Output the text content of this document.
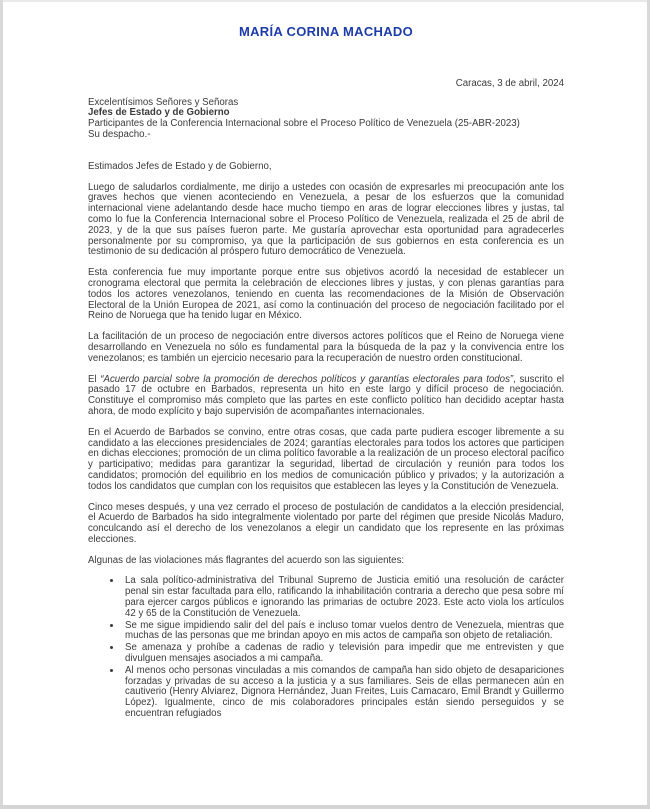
MARÍA CORINA MACHADO
Caracas, 3 de abril, 2024
Excelentísimos Señores y Señoras
Jefes de Estado y de Gobierno
Participantes de la Conferencia Internacional sobre el Proceso Político de Venezuela (25-ABR-2023)
Su despacho.-
Estimados Jefes de Estado y de Gobierno,

Luego de saludarlos cordialmente, me dirijo a ustedes con ocasión de expresarles mi preocupación ante los graves hechos que vienen aconteciendo en Venezuela, a pesar de los esfuerzos que la comunidad internacional viene adelantando desde hace mucho tiempo en aras de lograr elecciones libres y justas, tal como lo fue la Conferencia Internacional sobre el Proceso Político de Venezuela, realizada el 25 de abril de 2023, y de la que sus países fueron parte. Me gustaría aprovechar esta oportunidad para agradecerles personalmente por su compromiso, ya que la participación de sus gobiernos en esta conferencia es un testimonio de su dedicación al próspero futuro democrático de Venezuela.

Esta conferencia fue muy importante porque entre sus objetivos acordó la necesidad de establecer un cronograma electoral que permita la celebración de elecciones libres y justas, y con plenas garantías para todos los actores venezolanos, teniendo en cuenta las recomendaciones de la Misión de Observación Electoral de la Unión Europea de 2021, así como la continuación del proceso de negociación facilitado por el Reino de Noruega que ha tenido lugar en México.

La facilitación de un proceso de negociación entre diversos actores políticos que el Reino de Noruega viene desarrollando en Venezuela no sólo es fundamental para la búsqueda de la paz y la convivencia entre los venezolanos; es también un ejercicio necesario para la recuperación de nuestro orden constitucional.

El “Acuerdo parcial sobre la promoción de derechos políticos y garantías electorales para todos”, suscrito el pasado 17 de octubre en Barbados, representa un hito en este largo y difícil proceso de negociación. Constituye el compromiso más completo que las partes en este conflicto político han decidido aceptar hasta ahora, de modo explícito y bajo supervisión de acompañantes internacionales.

En el Acuerdo de Barbados se convino, entre otras cosas, que cada parte pudiera escoger libremente a su candidato a las elecciones presidenciales de 2024; garantías electorales para todos los actores que participen en dichas elecciones; promoción de un clima político favorable a la realización de un proceso electoral pacífico y participativo; medidas para garantizar la seguridad, libertad de circulación y reunión para todos los candidatos; promoción del equilibrio en los medios de comunicación público y privados; y la autorización a todos los candidatos que cumplan con los requisitos que establecen las leyes y la Constitución de Venezuela.

Cinco meses después, y una vez cerrado el proceso de postulación de candidatos a la elección presidencial, el Acuerdo de Barbados ha sido integralmente violentado por parte del régimen que preside Nicolás Maduro, conculcando así el derecho de los venezolanos a elegir un candidato que los represente en las próximas elecciones.

Algunas de las violaciones más flagrantes del acuerdo son las siguientes:

• La sala político-administrativa del Tribunal Supremo de Justicia emitió una resolución de carácter penal sin estar facultada para ello, ratificando la inhabilitación contraria a derecho que pesa sobre mí para ejercer cargos públicos e ignorando las primarias de octubre 2023. Este acto viola los artículos 42 y 65 de la Constitución de Venezuela.
• Se me sigue impidiendo salir del del país e incluso tomar vuelos dentro de Venezuela, mientras que muchas de las personas que me brindan apoyo en mis actos de campaña son objeto de retaliación.
• Se amenaza y prohíbe a cadenas de radio y televisión para impedir que me entrevisten y que divulguen mensajes asociados a mi campaña.
• Al menos ocho personas vinculadas a mis comandos de campaña han sido objeto de desapariciones forzadas y privadas de su acceso a la justicia y a sus familiares. Seis de ellas permanecen aún en cautiverio (Henry Alviarez, Dignora Hernández, Juan Freites, Luis Camacaro, Emil Brandt y Guillermo López). Igualmente, cinco de mis colaboradores principales están siendo perseguidos y se encuentran refugiados
